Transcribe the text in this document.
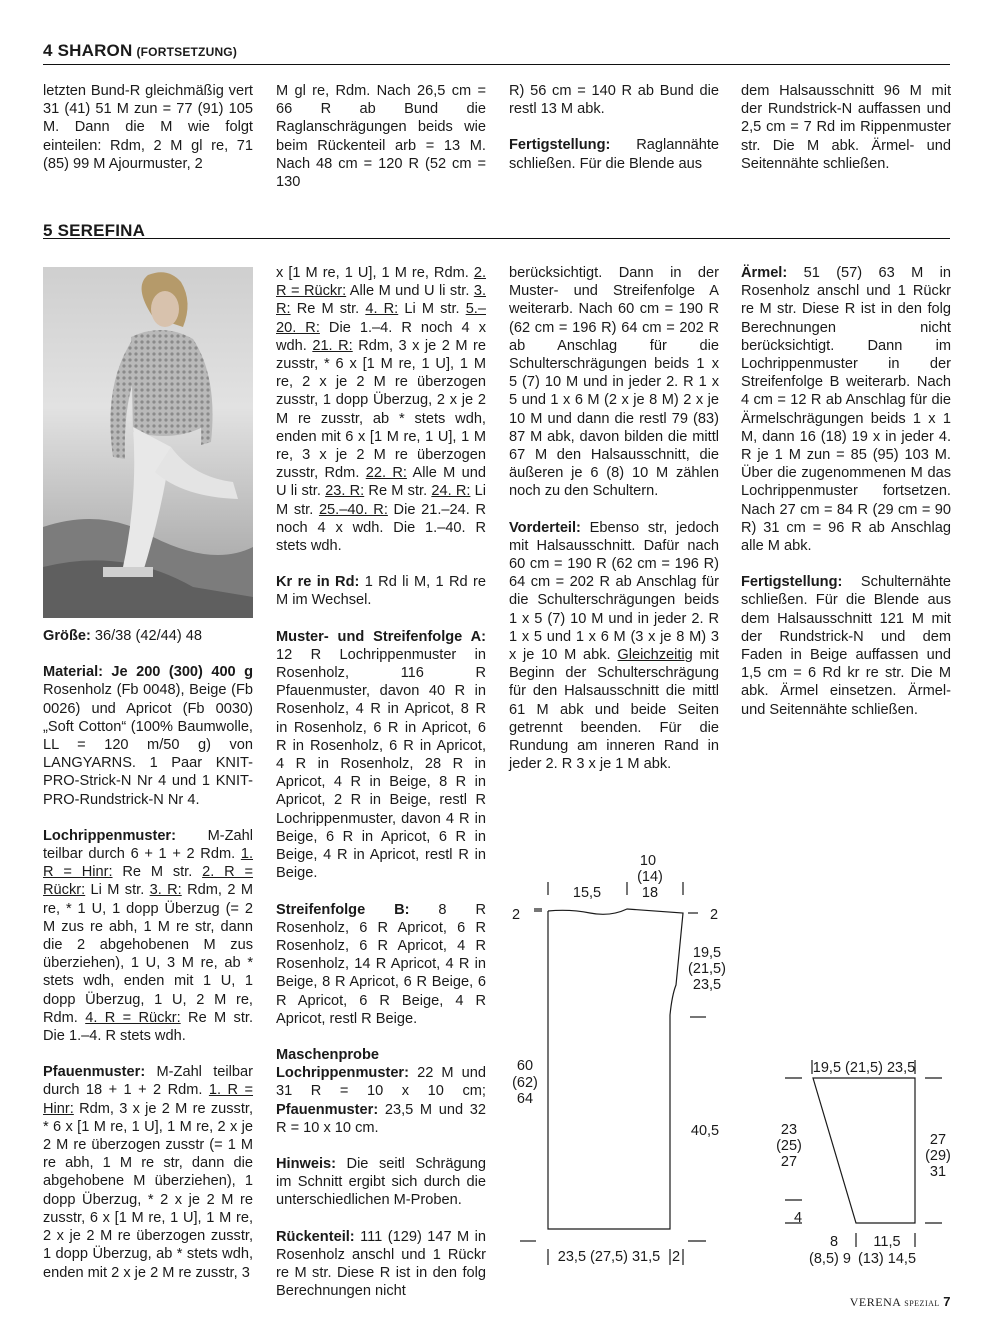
4 SHARON (FORTSETZUNG)

letzten Bund-R gleichmäßig vert 31 (41) 51 M zun = 77 (91) 105 M. Dann die M wie folgt einteilen: Rdm, 2 M gl re, 71 (85) 99 M Ajourmuster, 2

M gl re, Rdm. Nach 26,5 cm = 66 R ab Bund die Raglanschrägungen beids wie beim Rückenteil arb = 13 M. Nach 48 cm = 120 R (52 cm = 130

R) 56 cm = 140 R ab Bund die restl 13 M abk.

Fertigstellung: Raglannähte schließen. Für die Blende aus

dem Halsausschnitt 96 M mit der Rundstrick-N auffassen und 2,5 cm = 7 Rd im Rippenmuster str. Die M abk. Ärmel- und Seitennähte schließen.

5 SEREFINA

Größe: 36/38 (42/44) 48

Material: Je 200 (300) 400 g Rosenholz (Fb 0048), Beige (Fb 0026) und Apricot (Fb 0030) „Soft Cotton“ (100% Baumwolle, LL = 120 m/50 g) von LANGYARNS. 1 Paar KNIT-PRO-Strick-N Nr 4 und 1 KNIT-PRO-Rundstrick-N Nr 4.

Lochrippenmuster: M-Zahl teilbar durch 6 + 1 + 2 Rdm. 1. R = Hinr: Re M str. 2. R = Rückr: Li M str. 3. R: Rdm, 2 M re, * 1 U, 1 dopp Überzug (= 2 M zus re abh, 1 M re str, dann die 2 abgehobenen M zus überziehen), 1 U, 3 M re, ab * stets wdh, enden mit 1 U, 1 dopp Überzug, 1 U, 2 M re, Rdm. 4. R = Rückr: Re M str. Die 1.–4. R stets wdh.

Pfauenmuster: M-Zahl teilbar durch 18 + 1 + 2 Rdm. 1. R = Hinr: Rdm, 3 x je 2 M re zusstr, * 6 x [1 M re, 1 U], 1 M re, 2 x je 2 M re überzogen zusstr (= 1 M re abh, 1 M re str, dann die abgehobene M überziehen), 1 dopp Überzug, * 2 x je 2 M re zusstr, 6 x [1 M re, 1 U], 1 M re, 2 x je 2 M re überzogen zusstr, 1 dopp Überzug, ab * stets wdh, enden mit 2 x je 2 M re zusstr, 3

x [1 M re, 1 U], 1 M re, Rdm. 2. R = Rückr: Alle M und U li str. 3. R: Re M str. 4. R: Li M str. 5.–20. R: Die 1.–4. R noch 4 x wdh. 21. R: Rdm, 3 x je 2 M re zusstr, * 6 x [1 M re, 1 U], 1 M re, 2 x je 2 M re überzogen zusstr, 1 dopp Überzug, 2 x je 2 M re zusstr, ab * stets wdh, enden mit 6 x [1 M re, 1 U], 1 M re, 3 x je 2 M re überzogen zusstr, Rdm. 22. R: Alle M und U li str. 23. R: Re M str. 24. R: Li M str. 25.–40. R: Die 21.–24. R noch 4 x wdh. Die 1.–40. R stets wdh.

Kr re in Rd: 1 Rd li M, 1 Rd re M im Wechsel.

Muster- und Streifenfolge A: 12 R Lochrippenmuster in Rosenholz, 116 R Pfauenmuster, davon 40 R in Rosenholz, 4 R in Apricot, 8 R in Rosenholz, 6 R in Apricot, 6 R in Rosenholz, 6 R in Apricot, 4 R in Rosenholz, 28 R in Apricot, 4 R in Beige, 8 R in Apricot, 2 R in Beige, restl R Lochrippenmuster, davon 4 R in Beige, 6 R in Apricot, 6 R in Beige, 4 R in Apricot, restl R in Beige.

Streifenfolge B: 8 R Rosenholz, 6 R Apricot, 6 R Rosenholz, 6 R Apricot, 4 R Rosenholz, 14 R Apricot, 4 R in Beige, 8 R Apricot, 6 R Beige, 6 R Apricot, 6 R Beige, 4 R Apricot, restl R Beige.

Maschenprobe Lochrippenmuster: 22 M und 31 R = 10 x 10 cm; Pfauenmuster: 23,5 M und 32 R = 10 x 10 cm.

Hinweis: Die seitl Schrägung im Schnitt ergibt sich durch die unterschiedlichen M-Proben.

Rückenteil: 111 (129) 147 M in Rosenholz anschl und 1 Rückr re M str. Diese R ist in den folg Berechnungen nicht

berücksichtigt. Dann in der Muster- und Streifenfolge A weiterarb. Nach 60 cm = 190 R (62 cm = 196 R) 64 cm = 202 R ab Anschlag für die Schulterschrägungen beids 1 x 5 (7) 10 M und in jeder 2. R 1 x 5 und 1 x 6 M (2 x je 8 M) 2 x je 10 M und dann die restl 79 (83) 87 M abk, davon bilden die mittl 67 M den Halsausschnitt, die äußeren je 6 (8) 10 M zählen noch zu den Schultern.

Vorderteil: Ebenso str, jedoch mit Halsausschnitt. Dafür nach 60 cm = 190 R (62 cm = 196 R) 64 cm = 202 R ab Anschlag für die Schulterschrägungen beids 1 x 5 (7) 10 M und in jeder 2. R 1 x 5 und 1 x 6 M (3 x je 8 M) 3 x je 10 M abk. Gleichzeitig mit Beginn der Schulterschrägung für den Halsausschnitt die mittl 61 M abk und beide Seiten getrennt beenden. Für die Rundung am inneren Rand in jeder 2. R 3 x je 1 M abk.

Ärmel: 51 (57) 63 M in Rosenholz anschl und 1 Rückr re M str. Diese R ist in den folg Berechnungen nicht berücksichtigt. Dann im Lochrippenmuster in der Streifenfolge B weiterarb. Nach 4 cm = 12 R ab Anschlag für die Ärmelschrägungen beids 1 x 1 M, dann 16 (18) 19 x in jeder 4. R je 1 M zun = 85 (95) 103 M. Über die zugenommenen M das Lochrippenmuster fortsetzen. Nach 27 cm = 84 R (29 cm = 90 R) 31 cm = 96 R ab Anschlag alle M abk.

Fertigstellung: Schulternähte schließen. Für die Blende aus dem Halsausschnitt 121 M mit der Rundstrick-N und dem Faden in Beige auffassen und 1,5 cm = 6 Rd kr re str. Die M abk. Ärmel einsetzen. Ärmel- und Seitennähte schließen.

10
(14)
18
15,5
2	2
19,5
(21,5)
23,5
60
(62)
64
40,5
23,5 (27,5) 31,5 2
19,5 (21,5) 23,5
23
(25)
27
27
(29)
31
4
8
(8,5) 9
11,5
(13) 14,5
VERENA SPEZIAL 7
